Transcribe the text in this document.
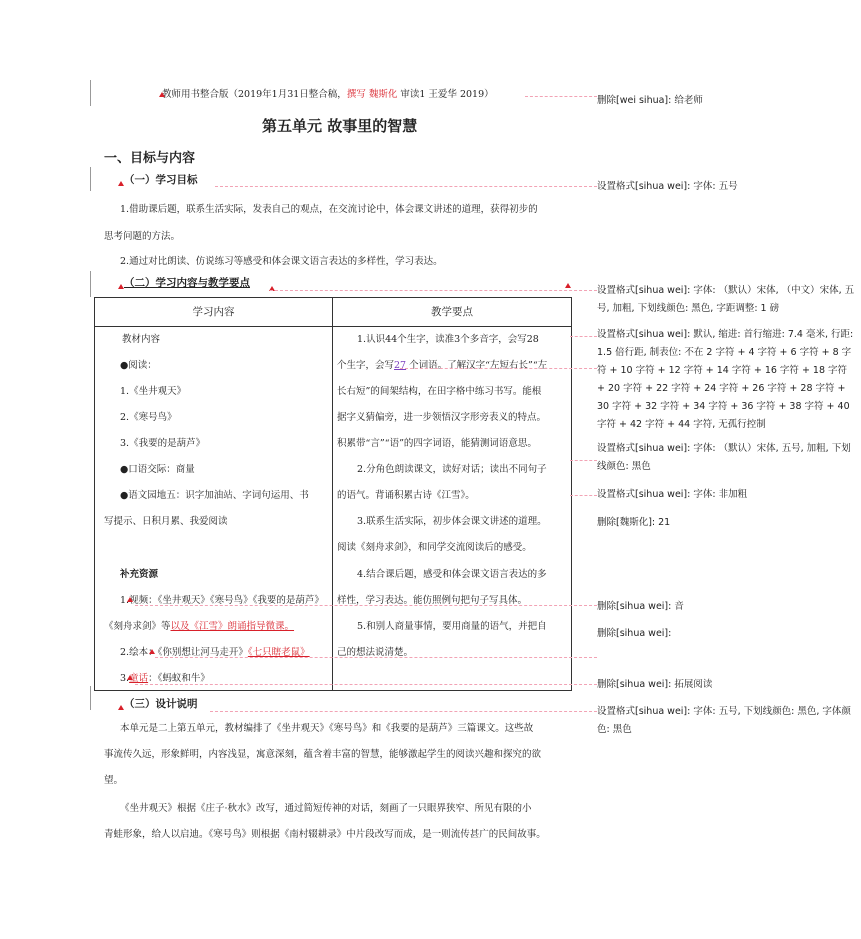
教师用书整合版（2019年1月31日整合稿，撰写 魏斯化 审读1 王爱华 2019）
第五单元 故事里的智慧
一、目标与内容
（一）学习目标
1.借助课后题，联系生活实际，发表自己的观点，在交流讨论中，体会课文讲述的道理，获得初步的
思考问题的方法。
2.通过对比朗读、仿说练习等感受和体会课文语言表达的多样性，学习表达。
（二）学习内容与教学要点
学习内容	教学要点
教材内容
●阅读：
1.《坐井观天》
2.《寒号鸟》
3.《我要的是葫芦》
●口语交际：商量
●语文园地五：识字加油站、字词句运用、书
写提示、日积月累、我爱阅读
补充资源
1.视频：《坐井观天》《寒号鸟》《我要的是葫芦》
《刻舟求剑》等以及《江雪》朗诵指导微课。
2.绘本：《你别想让河马走开》《七只瞎老鼠》
3.童话：《蚂蚁和牛》
1.认识44个生字，读准3个多音字，会写28
个生字，会写27 个词语。了解汉字“左短右长”“左
长右短”的间架结构，在田字格中练习书写。能根
据字义猜偏旁，进一步领悟汉字形旁表义的特点。
积累带“言”“语”的四字词语，能猜测词语意思。
2.分角色朗读课文，读好对话；读出不同句子
的语气。背诵积累古诗《江雪》。
3.联系生活实际，初步体会课文讲述的道理。
阅读《刻舟求剑》，和同学交流阅读后的感受。
4.结合课后题，感受和体会课文语言表达的多
样性，学习表达。能仿照例句把句子写具体。
5.和别人商量事情，要用商量的语气，并把自
己的想法说清楚。
（三）设计说明
本单元是二上第五单元，教材编排了《坐井观天》《寒号鸟》和《我要的是葫芦》三篇课文。这些故
事流传久远，形象鲜明，内容浅显，寓意深刻，蕴含着丰富的智慧，能够激起学生的阅读兴趣和探究的欲
望。
《坐井观天》根据《庄子·秋水》改写，通过简短传神的对话，刻画了一只眼界狭窄、所见有限的小
青蛙形象，给人以启迪。《寒号鸟》则根据《南村辍耕录》中片段改写而成，是一则流传甚广的民间故事。
删除[wei sihua]: 给老师
设置格式[sihua wei]: 字体: 五号
设置格式[sihua wei]: 字体: （默认）宋体, （中文）宋体, 五号, 加粗, 下划线颜色: 黑色, 字距调整: 1 磅
设置格式[sihua wei]: 默认, 缩进: 首行缩进: 7.4 毫米, 行距: 1.5 倍行距, 制表位: 不在 2 字符 + 4 字符 + 6 字符 + 8 字符 + 10 字符 + 12 字符 + 14 字符 + 16 字符 + 18 字符 + 20 字符 + 22 字符 + 24 字符 + 26 字符 + 28 字符 + 30 字符 + 32 字符 + 34 字符 + 36 字符 + 38 字符 + 40 字符 + 42 字符 + 44 字符, 无孤行控制
设置格式[sihua wei]: 字体: （默认）宋体, 五号, 加粗, 下划线颜色: 黑色
设置格式[sihua wei]: 字体: 非加粗
删除[魏斯化]: 21
删除[sihua wei]: 音
删除[sihua wei]:
删除[sihua wei]: 拓展阅读
设置格式[sihua wei]: 字体: 五号, 下划线颜色: 黑色, 字体颜色: 黑色
